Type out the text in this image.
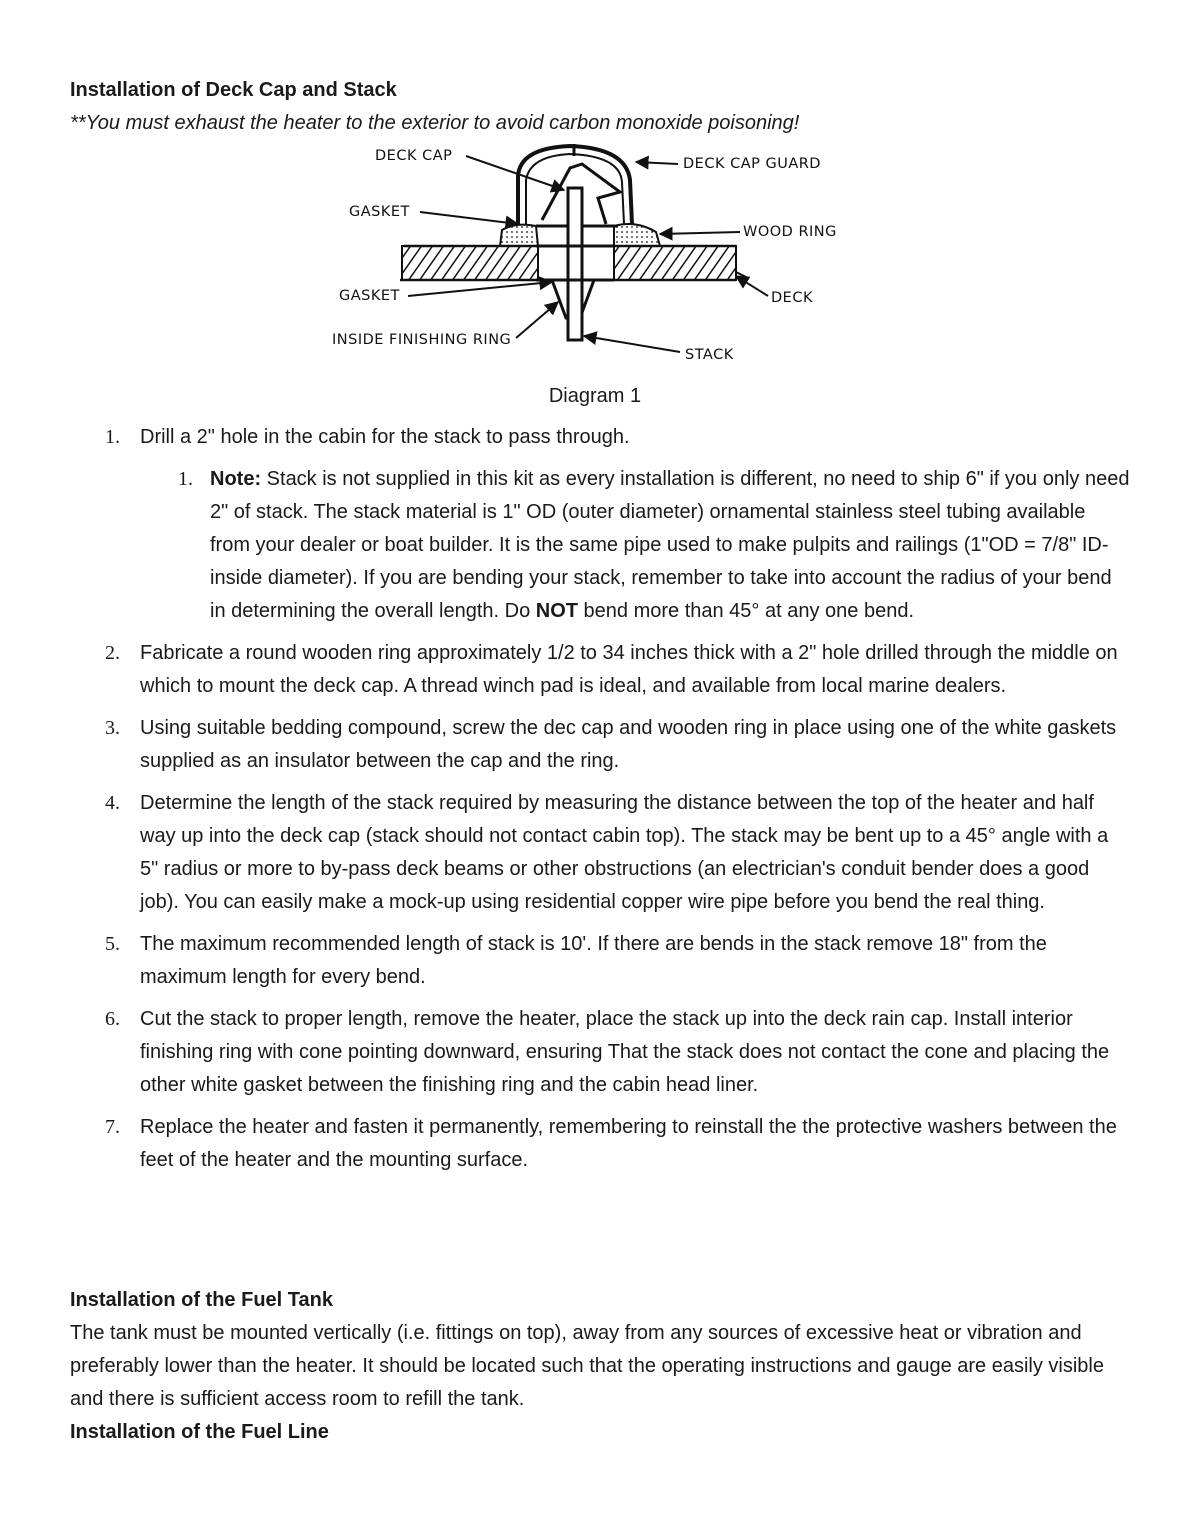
Installation of Deck Cap and Stack

**You must exhaust the heater to the exterior to avoid carbon monoxide poisoning!

DECK CAP	DECK CAP GUARD
GASKET
WOOD RING
GASKET	DECK
INSIDE FINISHING RING
STACK
Diagram 1
1. Drill a 2" hole in the cabin for the stack to pass through.
1. Note: Stack is not supplied in this kit as every installation is different, no need to ship 6" if you only need 2" of stack. The stack material is 1" OD (outer diameter) ornamental stainless steel tubing available from your dealer or boat builder. It is the same pipe used to make pulpits and railings (1"OD = 7/8" ID-inside diameter). If you are bending your stack, remember to take into account the radius of your bend in determining the overall length. Do NOT bend more than 45° at any one bend.
2. Fabricate a round wooden ring approximately 1/2 to 34 inches thick with a 2" hole drilled through the middle on which to mount the deck cap. A thread winch pad is ideal, and available from local marine dealers.
3. Using suitable bedding compound, screw the dec cap and wooden ring in place using one of the white gaskets supplied as an insulator between the cap and the ring.
4. Determine the length of the stack required by measuring the distance between the top of the heater and half way up into the deck cap (stack should not contact cabin top). The stack may be bent up to a 45° angle with a 5" radius or more to by-pass deck beams or other obstructions (an electrician's conduit bender does a good job). You can easily make a mock-up using residential copper wire pipe before you bend the real thing.
5. The maximum recommended length of stack is 10'. If there are bends in the stack remove 18" from the maximum length for every bend.
6. Cut the stack to proper length, remove the heater, place the stack up into the deck rain cap. Install interior finishing ring with cone pointing downward, ensuring That the stack does not contact the cone and placing the other white gasket between the finishing ring and the cabin head liner.
7. Replace the heater and fasten it permanently, remembering to reinstall the the protective washers between the feet of the heater and the mounting surface.

Installation of the Fuel Tank

The tank must be mounted vertically (i.e. fittings on top), away from any sources of excessive heat or vibration and preferably lower than the heater. It should be located such that the operating instructions and gauge are easily visible and there is sufficient access room to refill the tank.

Installation of the Fuel Line
